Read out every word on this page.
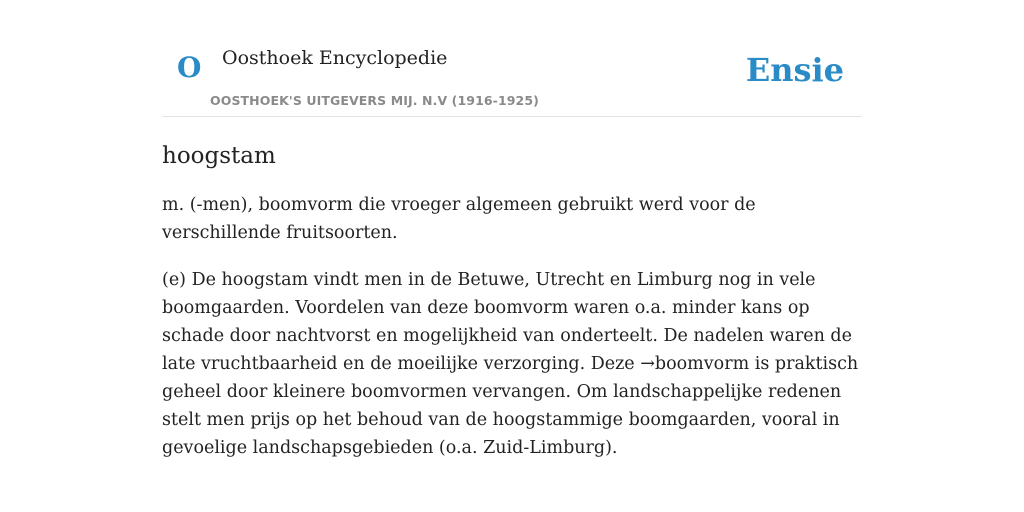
O Oosthoek Encyclopedie
OOSTHOEK'S UITGEVERS MIJ. N.V (1916-1925)
Ensie
hoogstam

m. (-men), boomvorm die vroeger algemeen gebruikt werd voor de verschillende fruitsoorten.

(e) De hoogstam vindt men in de Betuwe, Utrecht en Limburg nog in vele boomgaarden. Voordelen van deze boomvorm waren o.a. minder kans op schade door nachtvorst en mogelijkheid van onderteelt. De nadelen waren de late vruchtbaarheid en de moeilijke verzorging. Deze →boomvorm is praktisch geheel door kleinere boomvormen vervangen. Om landschappelijke redenen stelt men prijs op het behoud van de hoogstammige boomgaarden, vooral in gevoelige landschapsgebieden (o.a. Zuid-Limburg).
